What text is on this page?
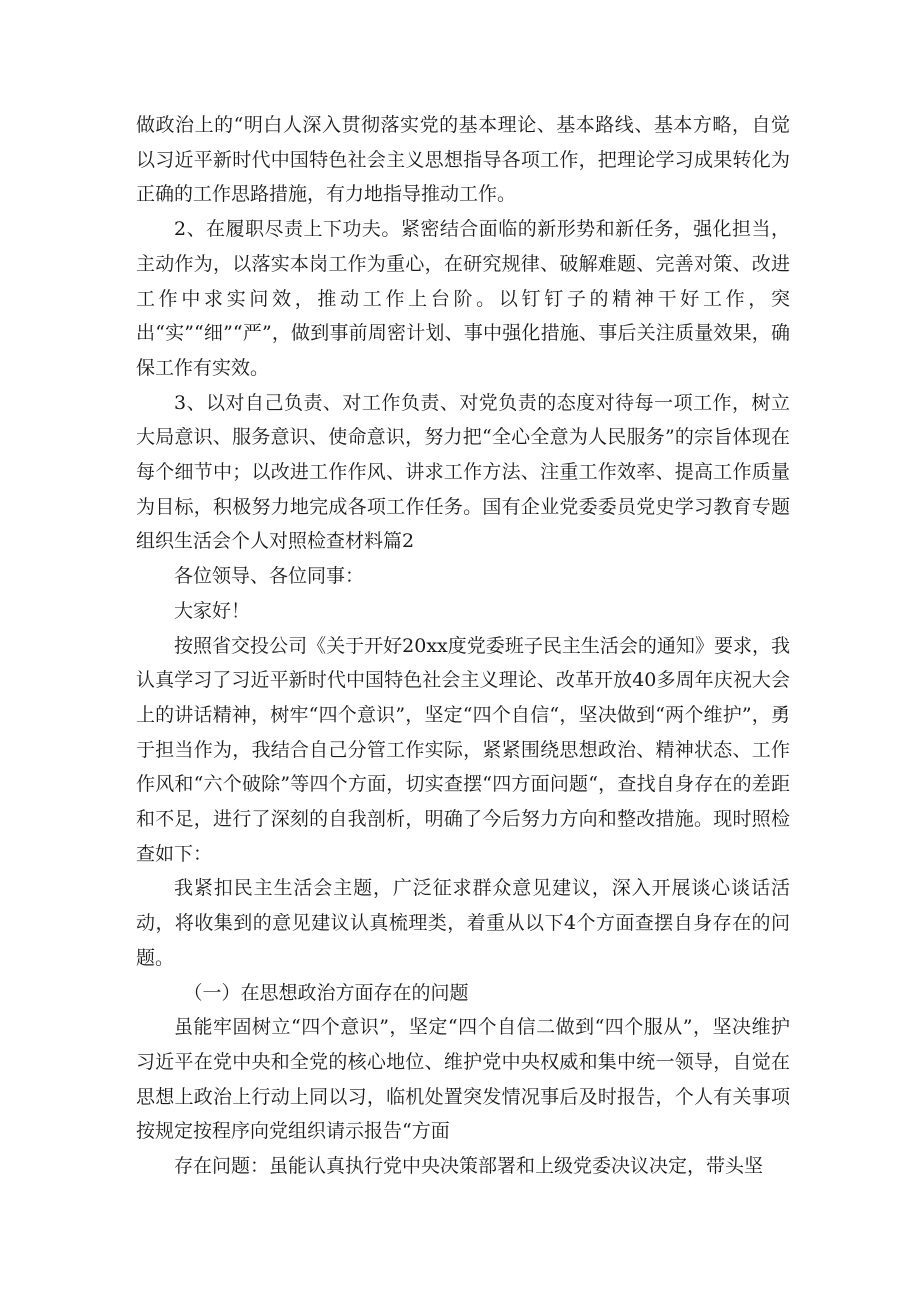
做政治上的“明白人深入贯彻落实党的基本理论、基本路线、基本方略，自觉以习近平新时代中国特色社会主义思想指导各项工作，把理论学习成果转化为正确的工作思路措施，有力地指导推动工作。

2、在履职尽责上下功夫。紧密结合面临的新形势和新任务，强化担当，主动作为，以落实本岗工作为重心，在研究规律、破解难题、完善对策、改进工作中求实问效，推动工作上台阶。以钉钉子的精神干好工作，突出“实”“细”“严”，做到事前周密计划、事中强化措施、事后关注质量效果，确保工作有实效。

3、以对自己负责、对工作负责、对党负责的态度对待每一项工作，树立大局意识、服务意识、使命意识，努力把“全心全意为人民服务”的宗旨体现在每个细节中；以改进工作作风、讲求工作方法、注重工作效率、提高工作质量为目标，积极努力地完成各项工作任务。国有企业党委委员党史学习教育专题组织生活会个人对照检查材料篇2

各位领导、各位同事：

大家好！

按照省交投公司《关于开好20xx度党委班子民主生活会的通知》要求，我认真学习了习近平新时代中国特色社会主义理论、改革开放40多周年庆祝大会上的讲话精神，树牢“四个意识”，坚定“四个自信“，坚决做到“两个维护”，勇于担当作为，我结合自己分管工作实际，紧紧围绕思想政治、精神状态、工作作风和“六个破除”等四个方面，切实查摆“四方面问题“，查找自身存在的差距和不足，进行了深刻的自我剖析，明确了今后努力方向和整改措施。现时照检查如下：

我紧扣民主生活会主题，广泛征求群众意见建议，深入开展谈心谈话活动，将收集到的意见建议认真梳理类，着重从以下4个方面查摆自身存在的问题。

（一）在思想政治方面存在的问题

虽能牢固树立“四个意识”，坚定“四个自信二做到“四个服从”，坚决维护习近平在党中央和全党的核心地位、维护党中央权威和集中统一领导，自觉在思想上政治上行动上同以习，临机处置突发情况事后及时报告，个人有关事项按规定按程序向党组织请示报告“方面

存在问题：虽能认真执行党中央决策部署和上级党委决议决定，带头坚
